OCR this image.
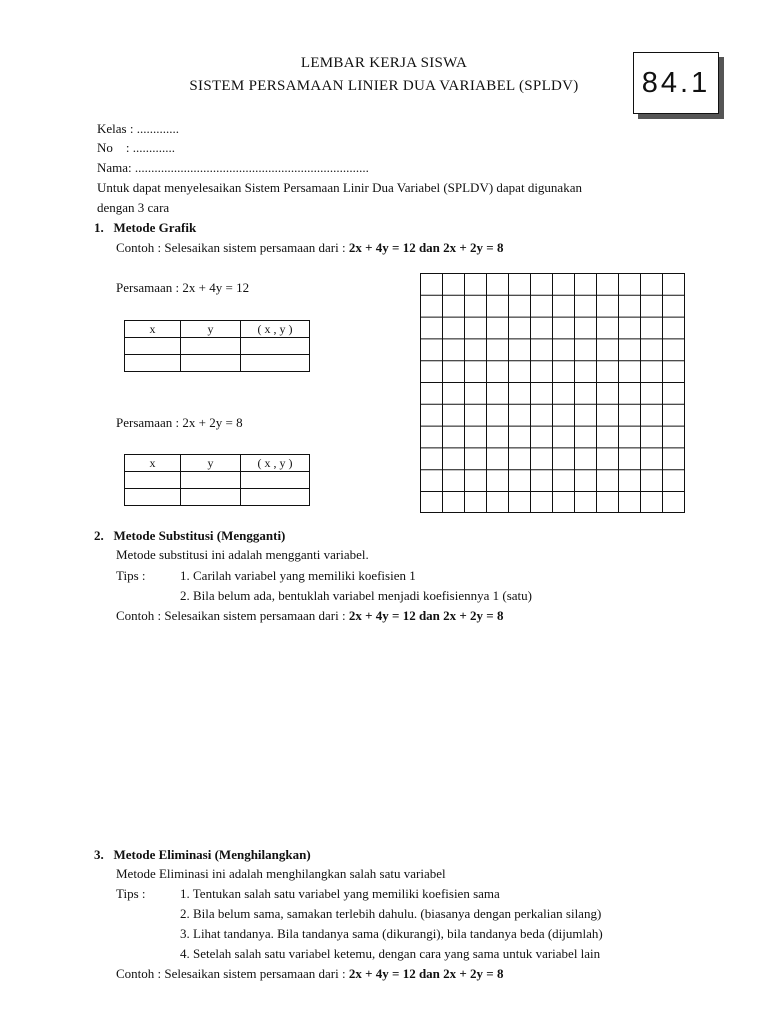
LEMBAR KERJA SISWA
SISTEM PERSAMAAN LINIER DUA VARIABEL (SPLDV)	84.1
Kelas : .............
No    : .............
Nama: ........................................................................
Untuk dapat menyelesaikan Sistem Persamaan Linir Dua Variabel (SPLDV) dapat digunakan
dengan 3 cara
1.   Metode Grafik
Contoh : Selesaikan sistem persamaan dari : 2x + 4y = 12 dan 2x + 2y = 8
Persamaan : 2x + 4y = 12
x	y	( x , y )

Persamaan : 2x + 2y = 8
x	y	( x , y )

2.   Metode Substitusi (Mengganti)
Metode substitusi ini adalah mengganti variabel.
Tips :	1. Carilah variabel yang memiliki koefisien 1
2. Bila belum ada, bentuklah variabel menjadi koefisiennya 1 (satu)
Contoh : Selesaikan sistem persamaan dari : 2x + 4y = 12 dan 2x + 2y = 8
3.   Metode Eliminasi (Menghilangkan)
Metode Eliminasi ini adalah menghilangkan salah satu variabel
Tips :	1. Tentukan salah satu variabel yang memiliki koefisien sama
2. Bila belum sama, samakan terlebih dahulu. (biasanya dengan perkalian silang)
3. Lihat tandanya. Bila tandanya sama (dikurangi), bila tandanya beda (dijumlah)
4. Setelah salah satu variabel ketemu, dengan cara yang sama untuk variabel lain
Contoh : Selesaikan sistem persamaan dari : 2x + 4y = 12 dan 2x + 2y = 8
